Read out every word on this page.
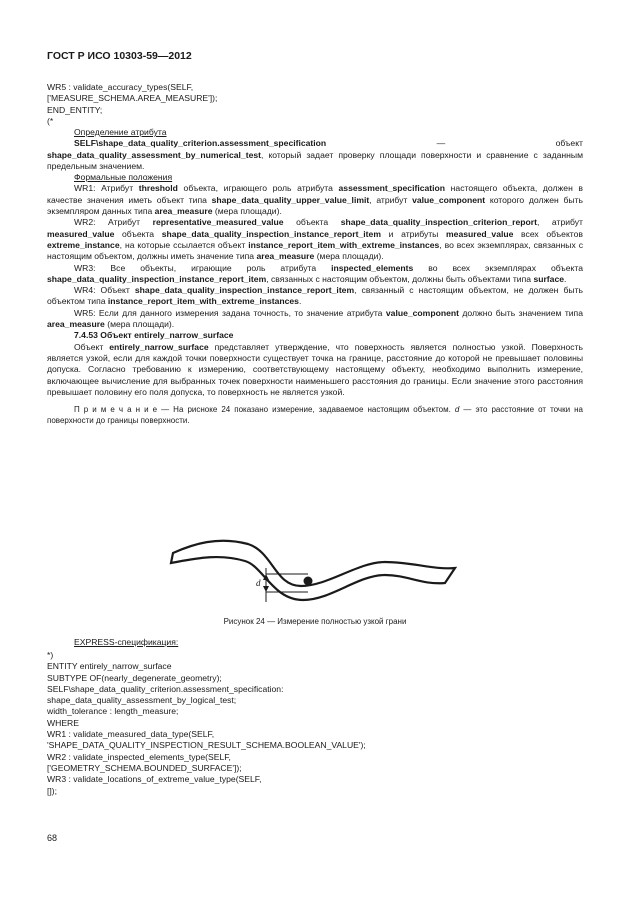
ГОСТ Р ИСО 10303-59—2012

WR5 : validate_accuracy_types(SELF,

['MEASURE_SCHEMA.AREA_MEASURE']);

END_ENTITY;

(*

Определение атрибута

SELF\shape_data_quality_criterion.assessment_specification — объект shape_data_quality_assessment_by_numerical_test, который задает проверку площади поверхности и сравнение с заданным предельным значением.

Формальные положения

WR1: Атрибут threshold объекта, играющего роль атрибута assessment_specification настоящего объекта, должен в качестве значения иметь объект типа shape_data_quality_upper_value_limit, атрибут value_component которого должен быть экземпляром данных типа area_measure (мера площади).

WR2: Атрибут representative_measured_value объекта shape_data_quality_inspection_criterion_report, атрибут measured_value объекта shape_data_quality_inspection_instance_report_item и атрибуты measured_value всех объектов extreme_instance, на которые ссылается объект instance_report_item_with_extreme_instances, во всех экземплярах, связанных с настоящим объектом, должны иметь значение типа area_measure (мера площади).

WR3: Все объекты, играющие роль атрибута inspected_elements во всех экземплярах объекта shape_data_quality_inspection_instance_report_item, связанных с настоящим объектом, должны быть объектами типа surface.

WR4: Объект shape_data_quality_inspection_instance_report_item, связанный с настоящим объектом, не должен быть объектом типа instance_report_item_with_extreme_instances.

WR5: Если для данного измерения задана точность, то значение атрибута value_component должно быть значением типа area_measure (мера площади).

7.4.53 Объект entirely_narrow_surface

Объект entirely_narrow_surface представляет утверждение, что поверхность является полностью узкой. Поверхность является узкой, если для каждой точки поверхности существует точка на границе, расстояние до которой не превышает половины допуска. Согласно требованию к измерению, соответствующему настоящему объекту, необходимо выполнить измерение, включающее вычисление для выбранных точек поверхности наименьшего расстояния до границы. Если значение этого расстояния превышает половину его поля допуска, то поверхность не является узкой.

П р и м е ч а н и е — На рисноке 24 показано измерение, задаваемое настоящим объектом. d — это расстояние от точки на поверхности до границы поверхности.

d
Рисунок 24 — Измерение полностью узкой грани

EXPRESS-спецификация:

*)

ENTITY entirely_narrow_surface

SUBTYPE OF(nearly_degenerate_geometry);

SELF\shape_data_quality_criterion.assessment_specification:

shape_data_quality_assessment_by_logical_test;

width_tolerance : length_measure;

WHERE

WR1 : validate_measured_data_type(SELF,

'SHAPE_DATA_QUALITY_INSPECTION_RESULT_SCHEMA.BOOLEAN_VALUE');

WR2 : validate_inspected_elements_type(SELF,

['GEOMETRY_SCHEMA.BOUNDED_SURFACE']);

WR3 : validate_locations_of_extreme_value_type(SELF,

[]);

68
